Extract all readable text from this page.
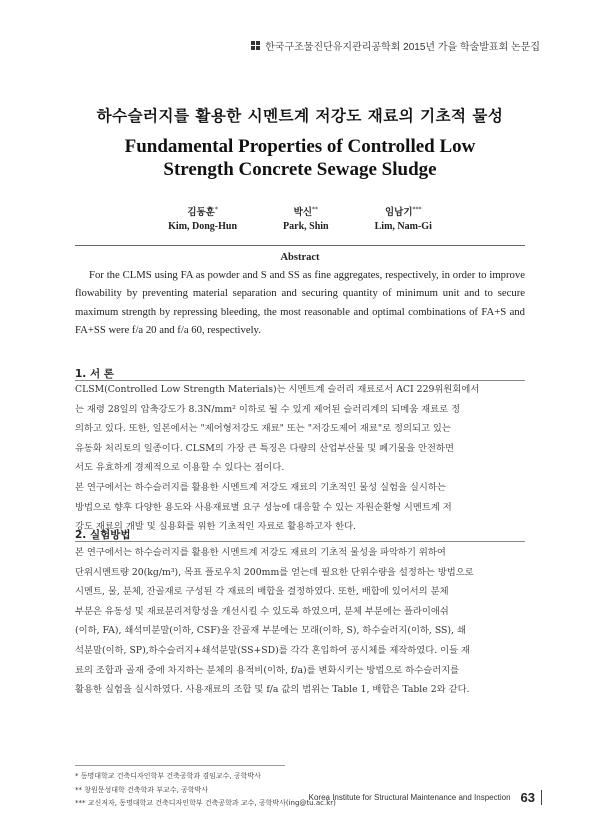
한국구조물진단유지관리공학회 2015년 가을 학술발표회 논문집
하수슬러지를 활용한 시멘트계 저강도 재료의 기초적 물성
Fundamental Properties of Controlled Low Strength Concrete Sewage Sludge
김동훈*
Kim, Dong-Hun
박신**
Park, Shin
임남기***
Lim, Nam-Gi
Abstract
For the CLMS using FA as powder and S and SS as fine aggregates, respectively, in order to improve flowability by preventing material separation and securing quantity of minimum unit and to secure maximum strength by repressing bleeding, the most reasonable and optimal combinations of FA+S and FA+SS were f/a 20 and f/a 60, respectively.
1. 서 론
CLSM(Controlled Low Strength Materials)는 시멘트계 슬러리 재료로서 ACI 229위원회에서
는 재령 28일의 압축강도가 8.3N/mm² 이하로 될 수 있게 제어된 슬러리계의 되메움 재료로 정
의하고 있다. 또한, 일본에서는 "제어형저강도 재료" 또는 "저강도제어 재료"로 정의되고 있는
유동화 처리토의 일종이다. CLSM의 가장 큰 특징은 다량의 산업부산물 및 폐기물을 안전하면
서도 유효하게 경제적으로 이용할 수 있다는 점이다.
본 연구에서는 하수슬러지를 활용한 시멘트계 저강도 재료의 기초적인 물성 실험을 실시하는
방법으로 향후 다양한 용도와 사용재료별 요구 성능에 대응할 수 있는 자원순환형 시멘트계 저
강도 재료의 개발 및 실용화를 위한 기초적인 자료로 활용하고자 한다.
2. 실험방법
본 연구에서는 하수슬러지를 활용한 시멘트계 저강도 재료의 기초적 물성을 파악하기 위하여
단위시멘트량 20(kg/m³), 목표 플로우치 200mm를 얻는데 필요한 단위수량을 설정하는 방법으로
시멘트, 물, 분체, 잔골재로 구성된 각 재료의 배합을 결정하였다. 또한, 배합에 있어서의 분체
부분은 유동성 및 재료분리저항성을 개선시킬 수 있도록 하였으며, 분체 부분에는 플라이애쉬
(이하, FA), 쇄석미분말(이하, CSF)을 잔골재 부분에는 모래(이하, S), 하수슬러지(이하, SS), 쇄
석분말(이하, SP),하수슬러지+쇄석분말(SS+SD)를 각각 혼입하여 공시체를 제작하였다. 이들 재
료의 조합과 골재 중에 차지하는 분체의 용적비(이하, f/a)를 변화시키는 방법으로 하수슬러지를
활용한 실험을 실시하였다. 사용재료의 조합 및 f/a 값의 범위는 Table 1, 배합은 Table 2와 같다.
* 동명대학교 건축디자인학부 건축공학과 겸임교수, 공학박사
** 창원문성대학 건축학과 부교수, 공학박사
*** 교신저자, 동명대학교 건축디자인학부 건축공학과 교수, 공학박사(ing@tu.ac.kr)
Korea Institute for Structural Maintenance and Inspection 63
